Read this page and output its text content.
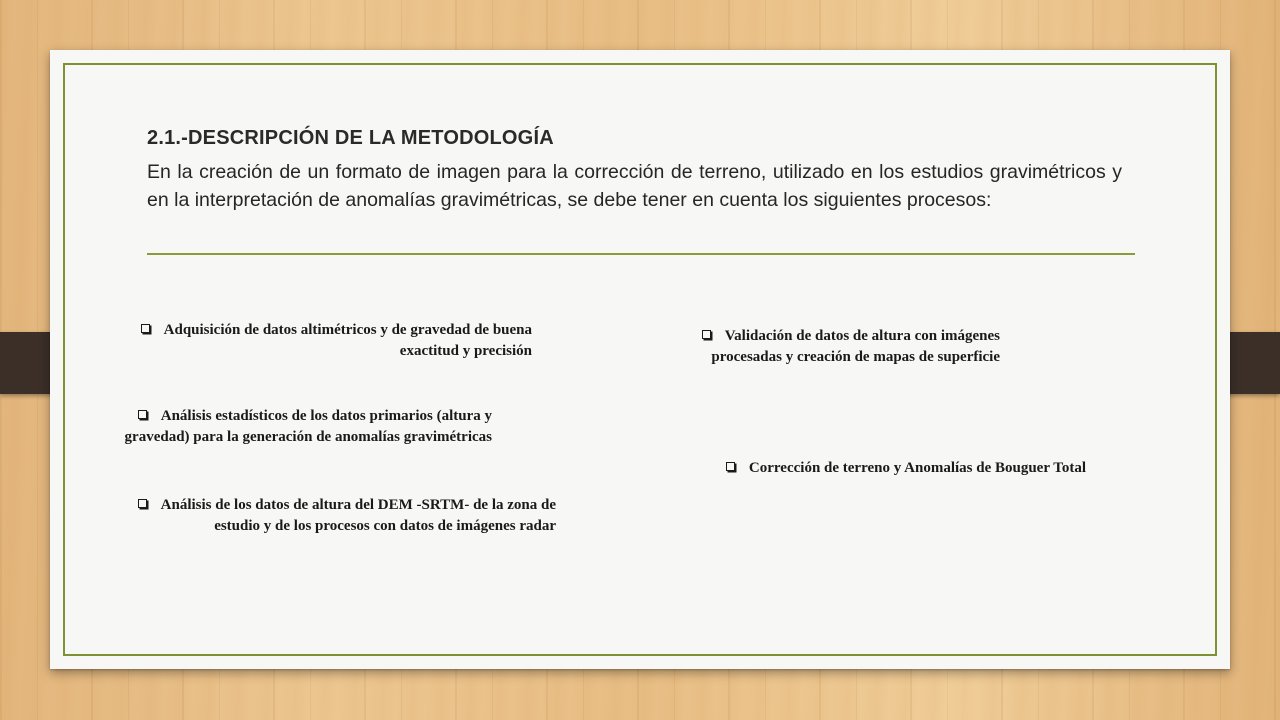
2.1.-DESCRIPCIÓN DE LA METODOLOGÍA
En la creación de un formato de imagen para la corrección de terreno, utilizado en los estudios gravimétricos y en la interpretación de anomalías gravimétricas, se debe tener en cuenta los siguientes procesos:
Adquisición de datos altimétricos y de gravedad de buena exactitud y precisión
Análisis estadísticos de los datos primarios (altura y gravedad) para la generación de anomalías gravimétricas
Análisis de los datos de altura del DEM -SRTM- de la zona de estudio y de los procesos con datos de imágenes radar
Validación de datos de altura con imágenes procesadas y creación de mapas de superficie
Corrección de terreno y Anomalías de Bouguer Total
